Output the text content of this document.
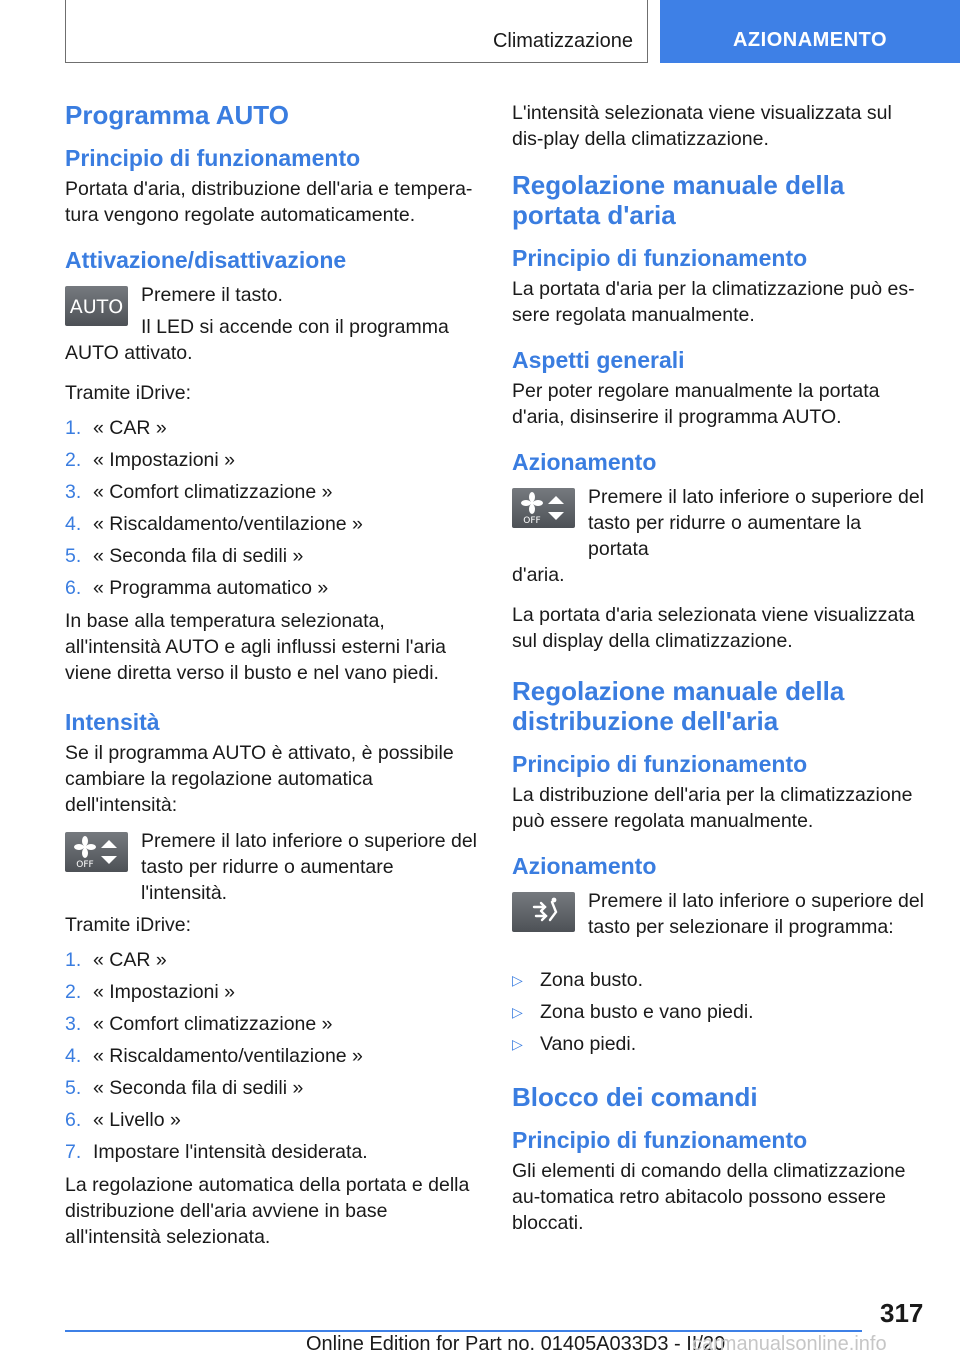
Climatizzazione	AZIONAMENTO
Programma AUTO
Principio di funzionamento

Portata d'aria, distribuzione dell'aria e tempera‐tura vengono regolate automaticamente.

Attivazione/disattivazione
AUTO

Premere il tasto.

Il LED si accende con il programma

AUTO attivato.

Tramite iDrive:

1. « CAR »
2. « Impostazioni »
3. « Comfort climatizzazione »
4. « Riscaldamento/ventilazione »
5. « Seconda fila di sedili »
6. « Programma automatico »

In base alla temperatura selezionata, all'intensità AUTO e agli influssi esterni l'aria viene diretta verso il busto e nel vano piedi.

Intensità

Se il programma AUTO è attivato, è possibile cambiare la regolazione automatica dell'intensità:

OFF

Premere il lato inferiore o superiore del tasto per ridurre o aumentare l'intensità.

Tramite iDrive:

1. « CAR »
2. « Impostazioni »
3. « Comfort climatizzazione »
4. « Riscaldamento/ventilazione »
5. « Seconda fila di sedili »
6. « Livello »
7. Impostare l'intensità desiderata.

La regolazione automatica della portata e della distribuzione dell'aria avviene in base all'intensità selezionata.

L'intensità selezionata viene visualizzata sul dis‐play della climatizzazione.

Regolazione manuale della portata d'aria
Principio di funzionamento

La portata d'aria per la climatizzazione può es‐sere regolata manualmente.

Aspetti generali

Per poter regolare manualmente la portata d'aria, disinserire il programma AUTO.

Azionamento
OFF

Premere il lato inferiore o superiore del

tasto per ridurre o aumentare la portata

d'aria.

La portata d'aria selezionata viene visualizzata sul display della climatizzazione.

Regolazione manuale della distribuzione dell'aria
Principio di funzionamento

La distribuzione dell'aria per la climatizzazione può essere regolata manualmente.

Azionamento

Premere il lato inferiore o superiore del tasto per selezionare il programma:

▷ Zona busto.
▷ Zona busto e vano piedi.
▷ Vano piedi.
Blocco dei comandi
Principio di funzionamento

Gli elementi di comando della climatizzazione au‐tomatica retro abitacolo possono essere bloccati.

317
Online Edition for Part no. 01405A033D3 - II/20
carmanualsonline.info
